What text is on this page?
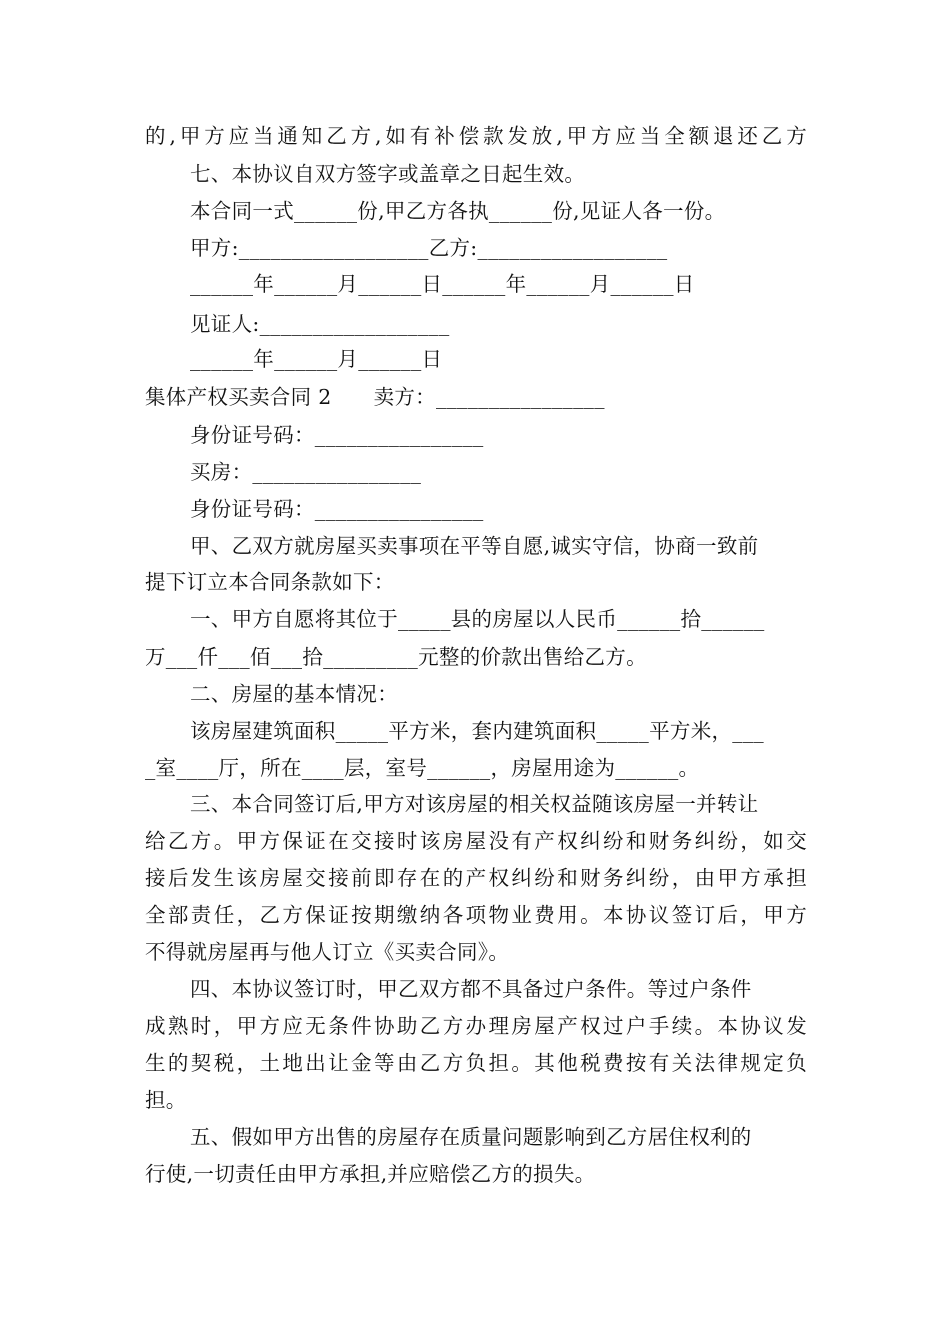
的,甲方应当通知乙方,如有补偿款发放,甲方应当全额退还乙方
七、本协议自双方签字或盖章之日起生效。
本合同一式______份,甲乙方各执______份,见证人各一份。
甲方:__________________乙方:__________________
______年______月______日______年______月______日
见证人:__________________
______年______月______日
集体产权买卖合同 2 卖方：________________
身份证号码：________________
买房：________________
身份证号码：________________
甲、乙双方就房屋买卖事项在平等自愿,诚实守信，协商一致前
提下订立本合同条款如下：
一、甲方自愿将其位于_____县的房屋以人民币______拾______
万___仟___佰___拾_________元整的价款出售给乙方。
二、房屋的基本情况：
该房屋建筑面积_____平方米，套内建筑面积_____平方米，___
_室____厅，所在____层，室号______，房屋用途为______。
三、本合同签订后,甲方对该房屋的相关权益随该房屋一并转让
给乙方。甲方保证在交接时该房屋没有产权纠纷和财务纠纷，如交
接后发生该房屋交接前即存在的产权纠纷和财务纠纷，由甲方承担
全部责任，乙方保证按期缴纳各项物业费用。本协议签订后，甲方
不得就房屋再与他人订立《买卖合同》。
四、本协议签订时，甲乙双方都不具备过户条件。等过户条件
成熟时，甲方应无条件协助乙方办理房屋产权过户手续。本协议发
生的契税，土地出让金等由乙方负担。其他税费按有关法律规定负
担。
五、假如甲方出售的房屋存在质量问题影响到乙方居住权利的
行使,一切责任由甲方承担,并应赔偿乙方的损失。
